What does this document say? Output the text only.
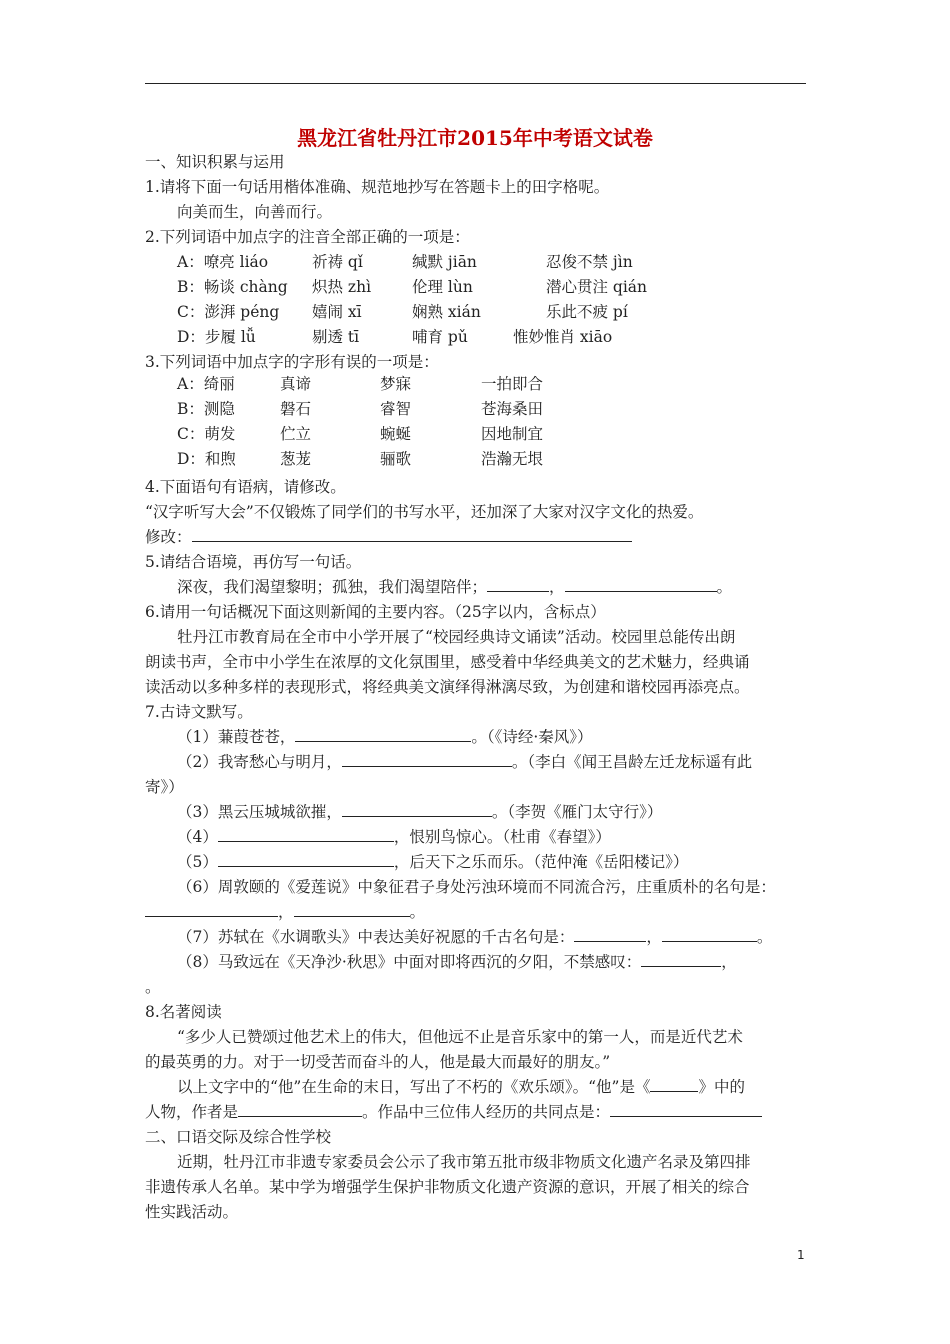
黑龙江省牡丹江市2015年中考语文试卷
一、知识积累与运用
1.请将下面一句话用楷体准确、规范地抄写在答题卡上的田字格呢。
向美而生，向善而行。
2.下列词语中加点字的注音全部正确的一项是：
A：嘹亮 liáo	祈祷 qǐ	缄默 jiān	忍俊不禁 jìn
B：畅谈 chàng 炽热 zhì	伦理 lùn	潜心贯注 qián
C：澎湃 péng 嬉闹 xī	娴熟 xián	乐此不疲 pí
D：步履 lǚ	剔透 tī	哺育 pǔ	惟妙惟肖 xiāo
3.下列词语中加点字的字形有误的一项是：
A：绮丽	真谛	梦寐	一拍即合
B：测隐	磐石	睿智	苍海桑田
C：萌发	伫立	蜿蜒	因地制宜
D：和煦	葱茏	骊歌	浩瀚无垠
4.下面语句有语病，请修改。
“汉字听写大会”不仅锻炼了同学们的书写水平，还加深了大家对汉字文化的热爱。
修改：
5.请结合语境，再仿写一句话。
深夜，我们渴望黎明；孤独，我们渴望陪伴；	，	。
6.请用一句话概况下面这则新闻的主要内容。（25字以内，含标点）
牡丹江市教育局在全市中小学开展了“校园经典诗文诵读”活动。校园里总能传出朗
朗读书声，全市中小学生在浓厚的文化氛围里，感受着中华经典美文的艺术魅力，经典诵
读活动以多种多样的表现形式，将经典美文演绎得淋漓尽致，为创建和谐校园再添亮点。
7.古诗文默写。
（1）蒹葭苍苍，	。（《诗经·秦风》）
（2）我寄愁心与明月，	。（李白《闻王昌龄左迁龙标遥有此
寄》）
（3）黑云压城城欲摧，	。（李贺《雁门太守行》）
（4）	，恨别鸟惊心。（杜甫《春望》）
（5）	，后天下之乐而乐。（范仲淹《岳阳楼记》）
（6）周敦颐的《爱莲说》中象征君子身处污浊环境而不同流合污，庄重质朴的名句是：
，	。
（7）苏轼在《水调歌头》中表达美好祝愿的千古名句是：	，	。
（8）马致远在《天净沙·秋思》中面对即将西沉的夕阳，不禁感叹：	，
。
8.名著阅读
“多少人已赞颂过他艺术上的伟大，但他远不止是音乐家中的第一人，而是近代艺术
的最英勇的力。对于一切受苦而奋斗的人，他是最大而最好的朋友。”
以上文字中的“他”在生命的末日，写出了不朽的《欢乐颂》。“他”是《	》中的
人物，作者是	。作品中三位伟人经历的共同点是：
二、口语交际及综合性学校
近期，牡丹江市非遗专家委员会公示了我市第五批市级非物质文化遗产名录及第四排
非遗传承人名单。某中学为增强学生保护非物质文化遗产资源的意识，开展了相关的综合
性实践活动。
1
